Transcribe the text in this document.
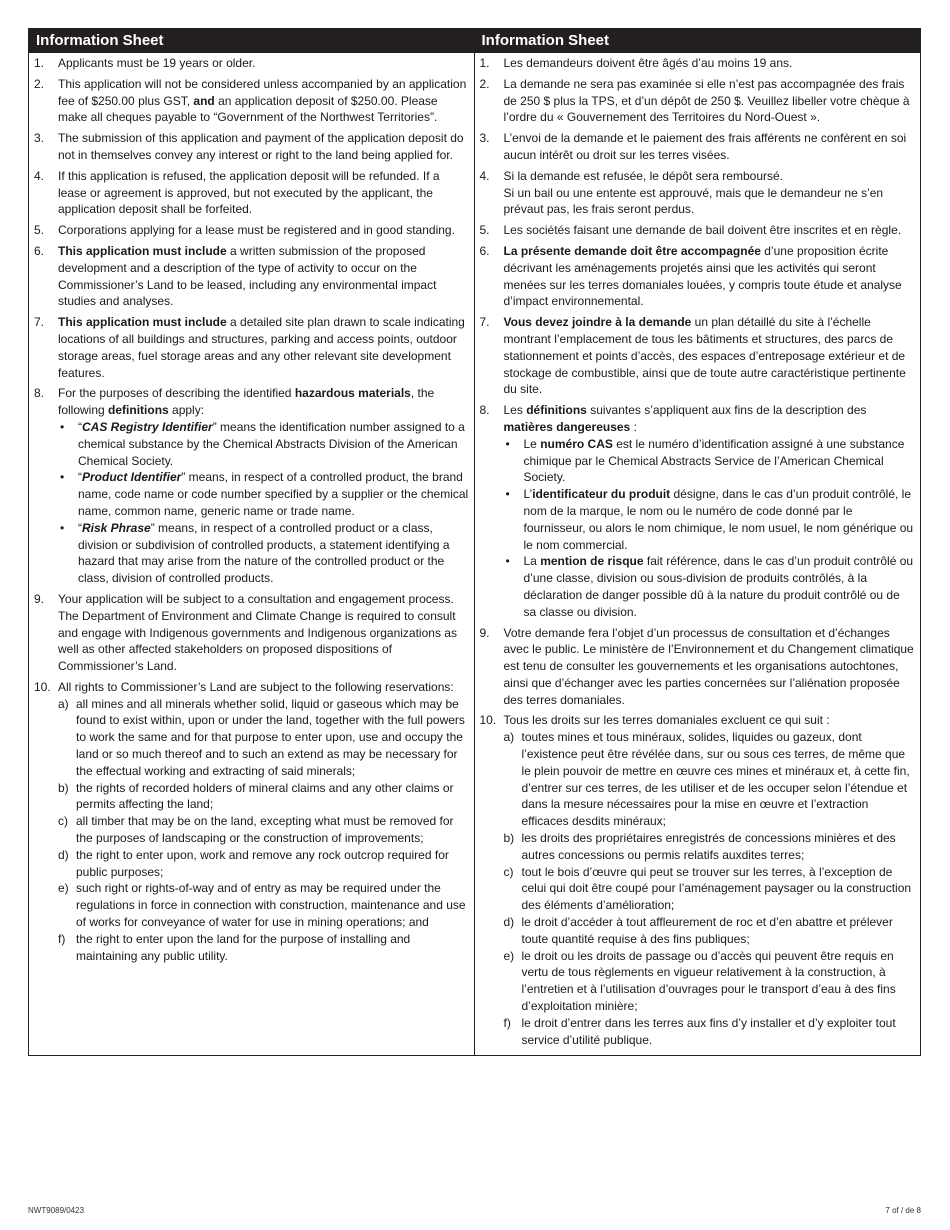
Information Sheet
1.	Applicants must be 19 years or older.
2.	This application will not be considered unless accompanied by an application fee of $250.00 plus GST, and an application deposit of $250.00. Please make all cheques payable to “Government of the Northwest Territories”.
3.	The submission of this application and payment of the application deposit do not in themselves convey any interest or right to the land being applied for.
4.	If this application is refused, the application deposit will be refunded. If a lease or agreement is approved, but not executed by the applicant, the application deposit shall be forfeited.
5.	Corporations applying for a lease must be registered and in good standing.
6.	This application must include a written submission of the proposed development and a description of the type of activity to occur on the Commissioner’s Land to be leased, including any environmental impact studies and analyses.
7.	This application must include a detailed site plan drawn to scale indicating locations of all buildings and structures, parking and access points, outdoor storage areas, fuel storage areas and any other relevant site development features.
8.	For the purposes of describing the identified hazardous materials, the following definitions apply:
•	“CAS Registry Identifier” means the identification number assigned to a chemical substance by the Chemical Abstracts Division of the American Chemical Society.
•	“Product Identifier” means, in respect of a controlled product, the brand name, code name or code number specified by a supplier or the chemical name, common name, generic name or trade name.
•	“Risk Phrase” means, in respect of a controlled product or a class, division or subdivision of controlled products, a statement identifying a hazard that may arise from the nature of the controlled product or the class, division of controlled products.
9.	Your application will be subject to a consultation and engagement process. The Department of Environment and Climate Change is required to consult and engage with Indigenous governments and Indigenous organizations as well as other affected stakeholders on proposed dispositions of Commissioner’s Land.
10. All rights to Commissioner’s Land are subject to the following reservations:
a) all mines and all minerals whether solid, liquid or gaseous which may be found to exist within, upon or under the land, together with the full powers to work the same and for that purpose to enter upon, use and occupy the land or so much thereof and to such an extend as may be necessary for the effectual working and extracting of said minerals;
b) the rights of recorded holders of mineral claims and any other claims or permits affecting the land;
c) all timber that may be on the land, excepting what must be removed for the purposes of landscaping or the construction of improvements;
d) the right to enter upon, work and remove any rock outcrop required for public purposes;
e) such right or rights-of-way and of entry as may be required under the regulations in force in connection with construction, maintenance and use of works for conveyance of water for use in mining operations; and
f) the right to enter upon the land for the purpose of installing and maintaining any public utility.
Information Sheet
1.	Les demandeurs doivent être âgés d’au moins 19 ans.
2.	La demande ne sera pas examinée si elle n’est pas accompagnée des frais de 250 $ plus la TPS, et d’un dépôt de 250 $. Veuillez libeller votre chèque à l’ordre du « Gouvernement des Territoires du Nord-Ouest ».
3.	L’envoi de la demande et le paiement des frais afférents ne confèrent en soi aucun intérêt ou droit sur les terres visées.
4.	Si la demande est refusée, le dépôt sera remboursé.
Si un bail ou une entente est approuvé, mais que le demandeur ne s’en prévaut pas, les frais seront perdus.
5.	Les sociétés faisant une demande de bail doivent être inscrites et en règle.
6.	La présente demande doit être accompagnée d’une proposition écrite décrivant les aménagements projetés ainsi que les activités qui seront menées sur les terres domaniales louées, y compris toute étude et analyse d’impact environnemental.
7.	Vous devez joindre à la demande un plan détaillé du site à l’échelle montrant l’emplacement de tous les bâtiments et structures, des parcs de stationnement et points d’accès, des espaces d’entreposage extérieur et de stockage de combustible, ainsi que de toute autre caractéristique pertinente du site.
8.	Les définitions suivantes s’appliquent aux fins de la description des matières dangereuses :
•	Le numéro CAS est le numéro d’identification assigné à une substance chimique par le Chemical Abstracts Service de l’American Chemical Society.
•	L’identificateur du produit désigne, dans le cas d’un produit contrôlé, le nom de la marque, le nom ou le numéro de code donné par le fournisseur, ou alors le nom chimique, le nom usuel, le nom générique ou le nom commercial.
•	La mention de risque fait référence, dans le cas d’un produit contrôlé ou d’une classe, division ou sous-division de produits contrôlés, à la déclaration de danger possible dû à la nature du produit contrôlé ou de sa classe ou division.
9.	Votre demande fera l’objet d’un processus de consultation et d’échanges avec le public. Le ministère de l’Environnement et du Changement climatique est tenu de consulter les gouvernements et les organisations autochtones, ainsi que d’échanger avec les parties concernées sur l’aliénation proposée des terres domaniales.
10. Tous les droits sur les terres domaniales excluent ce qui suit :
a) toutes mines et tous minéraux, solides, liquides ou gazeux, dont l’existence peut être révélée dans, sur ou sous ces terres, de même que le plein pouvoir de mettre en œuvre ces mines et minéraux et, à cette fin, d’entrer sur ces terres, de les utiliser et de les occuper selon l’étendue et dans la mesure nécessaires pour la mise en œuvre et l’extraction efficaces desdits minéraux;
b) les droits des propriétaires enregistrés de concessions minières et des autres concessions ou permis relatifs auxdites terres;
c) tout le bois d’œuvre qui peut se trouver sur les terres, à l’exception de celui qui doit être coupé pour l’aménagement paysager ou la construction des éléments d’amélioration;
d) le droit d’accéder à tout affleurement de roc et d’en abattre et prélever toute quantité requise à des fins publiques;
e) le droit ou les droits de passage ou d’accès qui peuvent être requis en vertu de tous règlements en vigueur relativement à la construction, à l’entretien et à l’utilisation d’ouvrages pour le transport d’eau à des fins d’exploitation minière;
f) le droit d’entrer dans les terres aux fins d’y installer et d’y exploiter tout service d’utilité publique.
NWT9089/0423	7 of / de 8
